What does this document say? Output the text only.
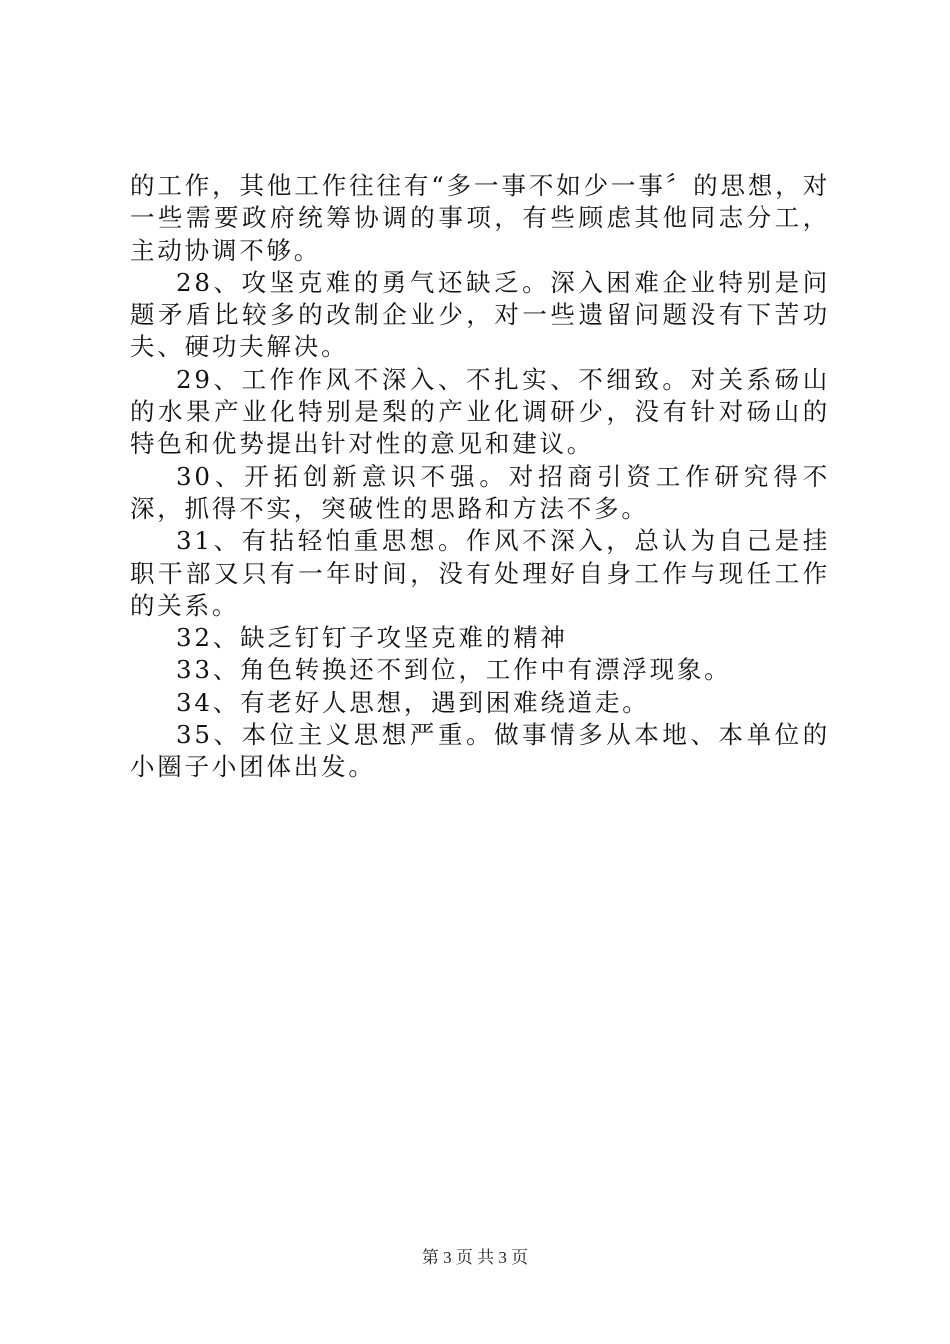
的工作，其他工作往往有“多一事不如少一事〞的思想，对一些需要政府统筹协调的事项，有些顾虑其他同志分工，主动协调不够。

28、攻坚克难的勇气还缺乏。深入困难企业特别是问题矛盾比较多的改制企业少，对一些遗留问题没有下苦功夫、硬功夫解决。

29、工作作风不深入、不扎实、不细致。对关系砀山的水果产业化特别是梨的产业化调研少，没有针对砀山的特色和优势提出针对性的意见和建议。

30、开拓创新意识不强。对招商引资工作研究得不深，抓得不实，突破性的思路和方法不多。

31、有拈轻怕重思想。作风不深入，总认为自己是挂职干部又只有一年时间，没有处理好自身工作与现任工作的关系。

32、缺乏钉钉子攻坚克难的精神

33、角色转换还不到位，工作中有漂浮现象。

34、有老好人思想，遇到困难绕道走。

35、本位主义思想严重。做事情多从本地、本单位的小圈子小团体出发。

第 3 页 共 3 页
